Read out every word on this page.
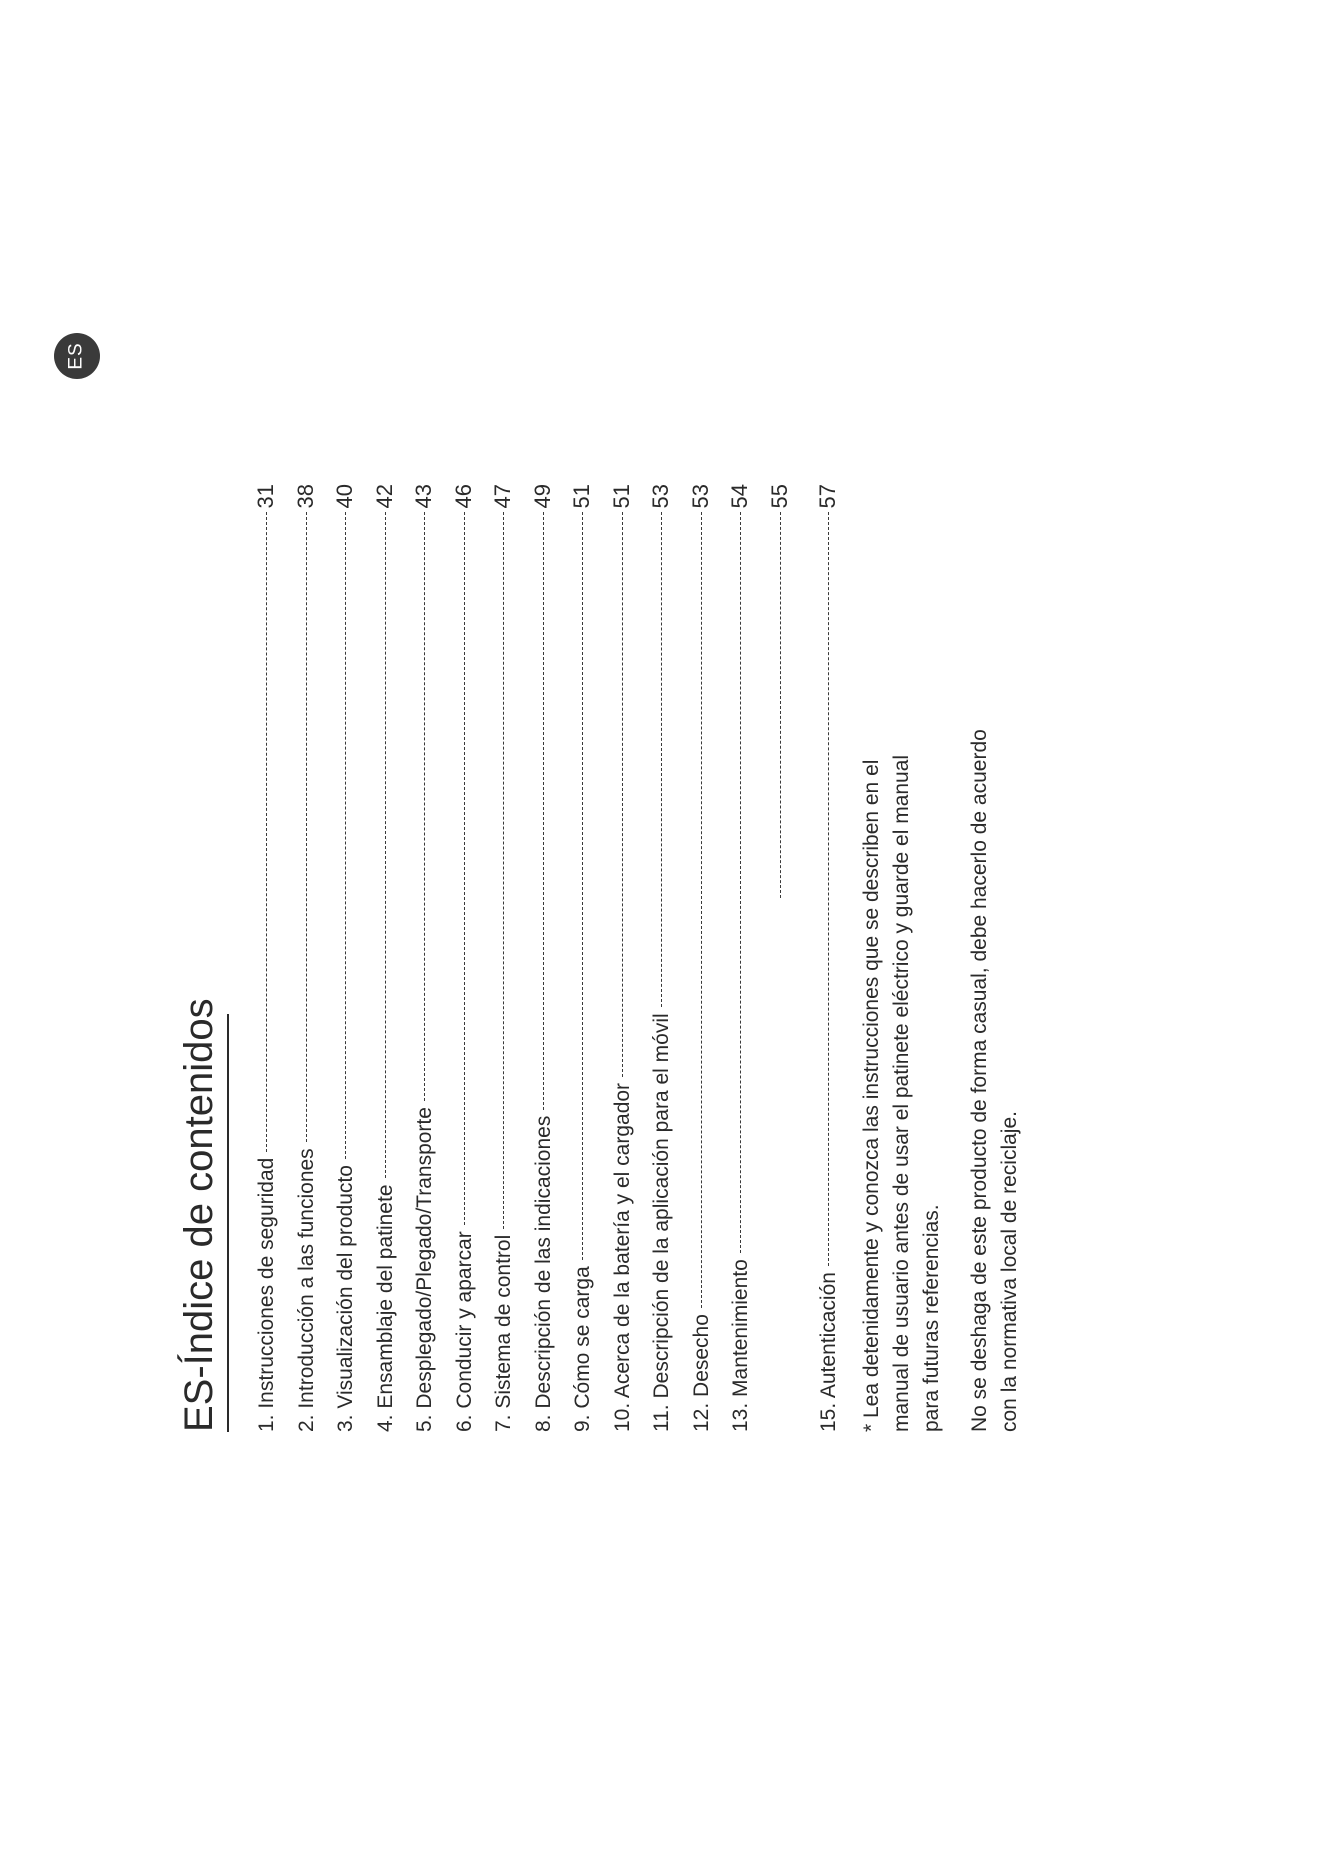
ES
ES-Índice de contenidos 1. Instrucciones de seguridad
31
2. Introducción a las funciones
38
3. Visualización del producto
40
4. Ensamblaje del patinete
42
5. Desplegado/Plegado/Transporte
43
6. Conducir y aparcar
46
7. Sistema de control
47
8. Descripción de las indicaciones
49
9. Cómo se carga
51
10. Acerca de la batería y el cargador
51
11. Descripción de la aplicación para el móvil
53
12. Desecho
53
13. Mantenimiento
54 55
15. Autenticación
57

* Lea detenidamente y conozca las instrucciones que se describen en el manual de usuario antes de usar el patinete eléctrico y guarde el manual para futuras referencias. No se deshaga de este producto de forma casual, debe hacerlo de acuerdo con la normativa local de reciclaje.
